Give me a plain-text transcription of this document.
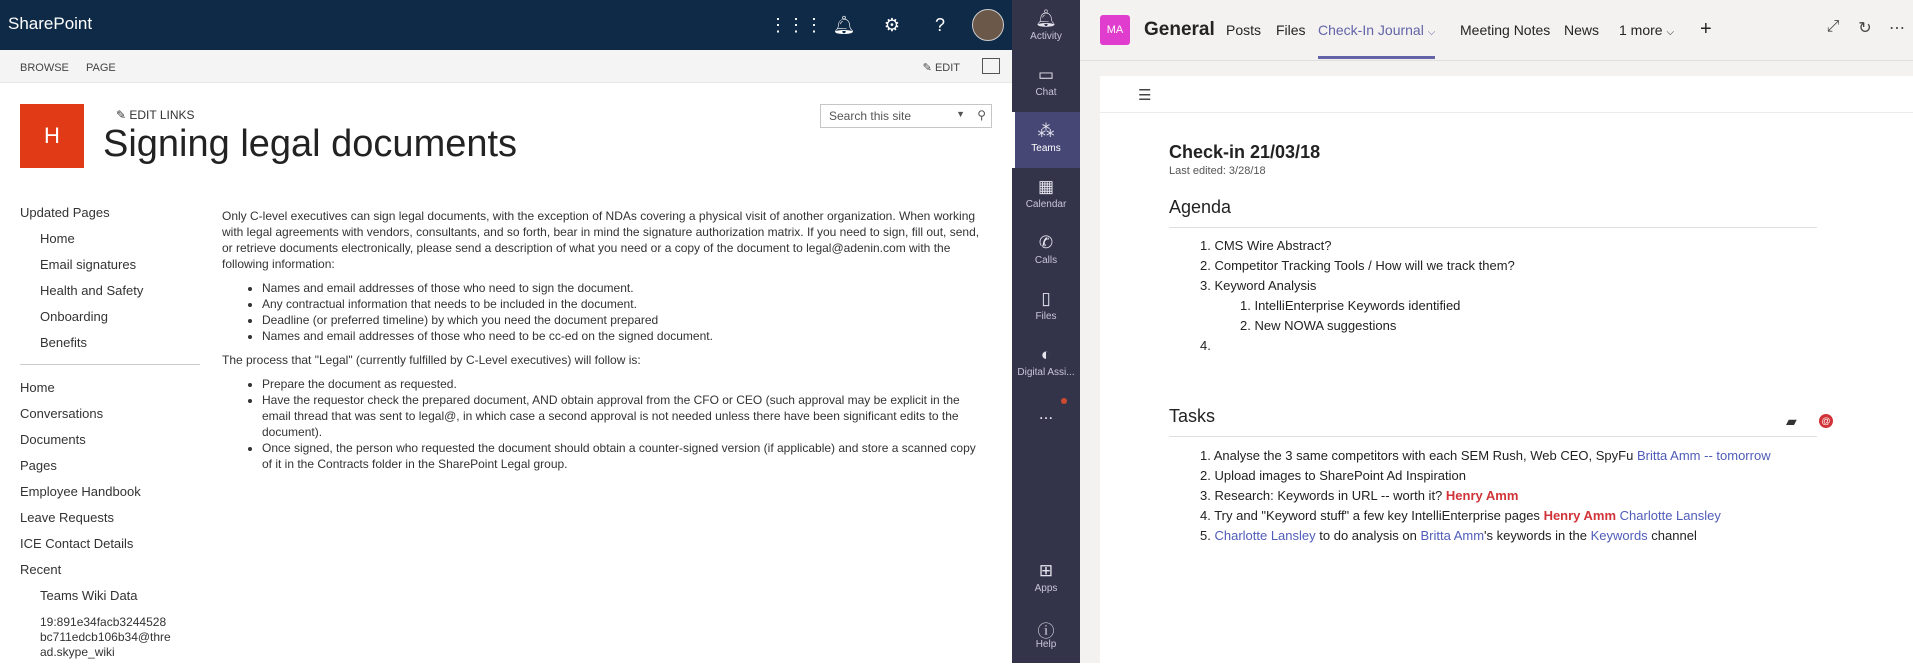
SharePoint	⋮⋮⋮ 🔔︎	⚙	?
BROWSE PAGE	✎ EDIT
H
✎ EDIT LINKS
Signing legal documents
Search this site	▼ ⚲
Updated Pages
Home
Email signatures
Health and Safety
Onboarding
Benefits
Home
Conversations
Documents
Pages
Employee Handbook
Leave Requests
ICE Contact Details
Recent
Teams Wiki Data
19:891e34facb3244528
bc711edcb106b34@thre
ad.skype_wiki

Only C-level executives can sign legal documents, with the exception of NDAs covering a physical visit of another organization. When working with legal agreements with vendors, consultants, and so forth, bear in mind the signature authorization matrix. If you need to sign, fill out, send, or retrieve documents electronically, please send a description of what you need or a copy of the document to legal@adenin.com with the following information:

• Names and email addresses of those who need to sign the document.
• Any contractual information that needs to be included in the document.
• Deadline (or preferred timeline) by which you need the document prepared
• Names and email addresses of those who need to be cc-ed on the signed document.

The process that "Legal" (currently fulfilled by C-Level executives) will follow is:

• Prepare the document as requested.
• Have the requestor check the prepared document, AND obtain approval from the CFO or CEO (such approval may be explicit in the email thread that was sent to legal@, in which case a second approval is not needed unless there have been significant edits to the document).
• Once signed, the person who requested the document should obtain a counter-signed version (if applicable) and store a scanned copy of it in the Contracts folder in the SharePoint Legal group.
🔔︎
Activity
▭
Chat
⁂
Teams
▦
Calendar
✆
Calls
▯
Files
◐
Digital Assi...
...
⊞
Apps
ⓘ
Help
MA	General Posts Files Check-In Journal ⌵ Meeting Notes News 1 more ⌵ +	⤢	↻	⋯
☰
Check-in 21/03/18
Last edited: 3/28/18
Agenda
1. CMS Wire Abstract?
2. Competitor Tracking Tools / How will we track them?
3. Keyword Analysis
1. IntelliEnterprise Keywords identified
2. New NOWA suggestions
4.
Tasks	▰	@
1. Analyse the 3 same competitors with each SEM Rush, Web CEO, SpyFu Britta Amm -- tomorrow
2. Upload images to SharePoint Ad Inspiration
3. Research: Keywords in URL -- worth it? Henry Amm
4. Try and "Keyword stuff" a few key IntelliEnterprise pages Henry Amm Charlotte Lansley
5. Charlotte Lansley to do analysis on Britta Amm's keywords in the Keywords channel
